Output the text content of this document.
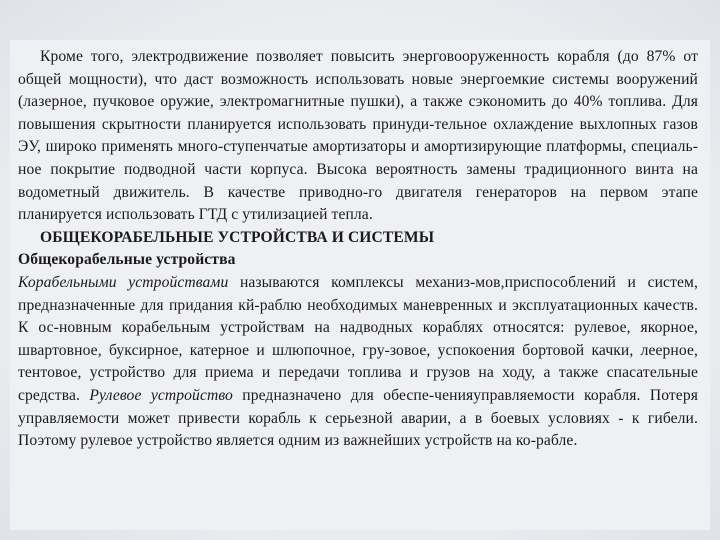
Кроме того, электродвижение позволяет повысить энерговооруженность корабля (до 87% от общей мощности), что даст возможность использовать новые энергоемкие системы вооружений (лазерное, пучковое оружие, электромагнитные пушки), а также сэкономить до 40% топлива. Для повышения скрытности планируется использовать принуди-тельное охлаждение выхлопных газов ЭУ, широко применять много-ступенчатые амортизаторы и амортизирующие платформы, специаль-ное покрытие подводной части корпуса. Высока вероятность замены традиционного винта на водометный движитель. В качестве приводно-го двигателя генераторов на первом этапе планируется использовать ГТД с утилизацией тепла.

ОБЩЕКОРАБЕЛЬНЫЕ УСТРОЙСТВА И СИСТЕМЫ

Общекорабельные устройства

Корабельными устройствами называются комплексы механиз-мов,приспособлений и систем, предназначенные для придания кй-раблю необходимых маневренных и эксплуатационных качеств. К ос-новным корабельным устройствам на надводных кораблях относятся: рулевое, якорное, швартовное, буксирное, катерное и шлюпочное, гру-зовое, успокоения бортовой качки, леерное, тентовое, устройство для приема и передачи топлива и грузов на ходу, а также спасательные средства. Рулевое устройство предназначено для обеспе-ченияуправляемости корабля. Потеря управляемости может привести корабль к серьезной аварии, а в боевых условиях - к гибели. Поэтому рулевое устройство является одним из важнейших устройств на ко-рабле.
